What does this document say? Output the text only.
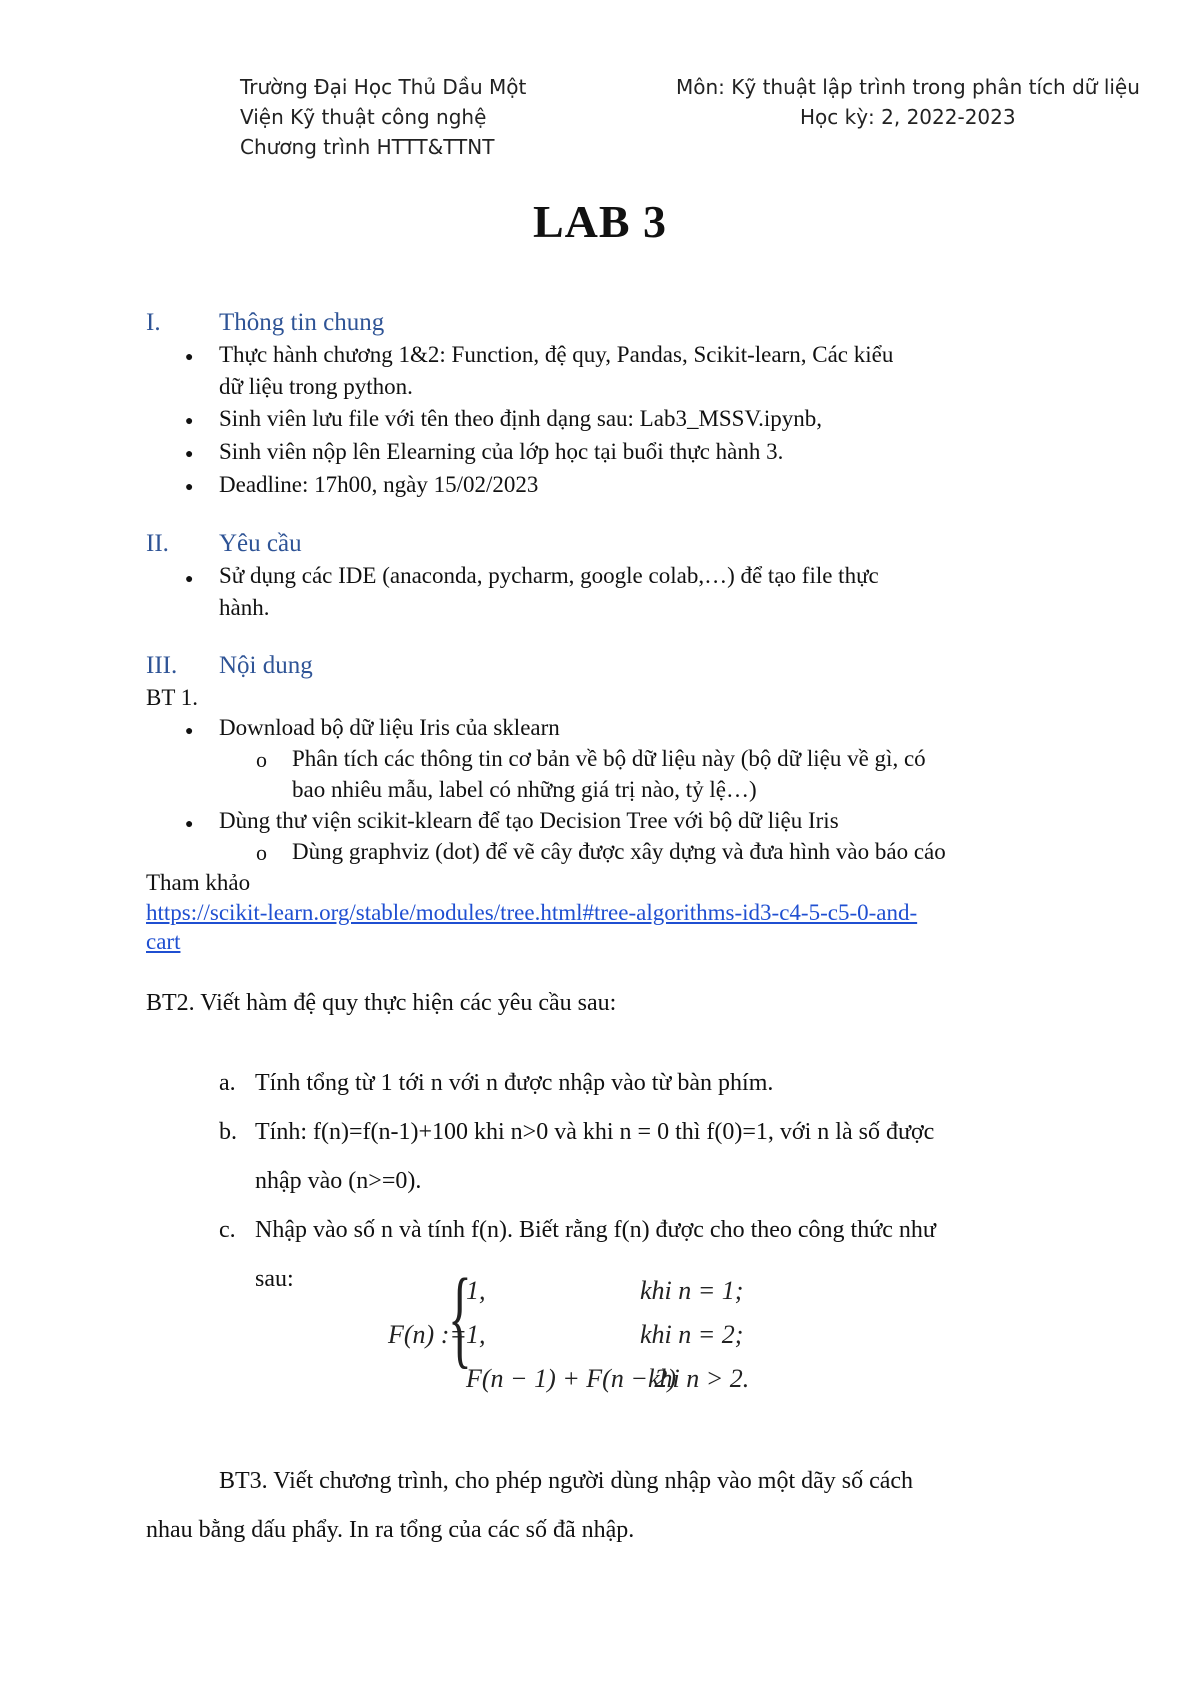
Trường Đại Học Thủ Dầu Một
Viện Kỹ thuật công nghệ
Chương trình HTTT&TTNT
Môn: Kỹ thuật lập trình trong phân tích dữ liệu
Học kỳ: 2, 2022-2023
LAB 3
I. Thông tin chung
● Thực hành chương 1&2: Function, đệ quy, Pandas, Scikit-learn, Các kiểu
dữ liệu trong python.
● Sinh viên lưu file với tên theo định dạng sau: Lab3_MSSV.ipynb,
● Sinh viên nộp lên Elearning của lớp học tại buổi thực hành 3.
● Deadline: 17h00, ngày 15/02/2023
II. Yêu cầu
● Sử dụng các IDE (anaconda, pycharm, google colab,…) để tạo file thực
hành.
III. Nội dung
BT 1.
● Download bộ dữ liệu Iris của sklearn
o Phân tích các thông tin cơ bản về bộ dữ liệu này (bộ dữ liệu về gì, có
bao nhiêu mẫu, label có những giá trị nào, tỷ lệ…)
● Dùng thư viện scikit-klearn để tạo Decision Tree với bộ dữ liệu Iris
o Dùng graphviz (dot) để vẽ cây được xây dựng và đưa hình vào báo cáo
Tham khảo
https://scikit-learn.org/stable/modules/tree.html#tree-algorithms-id3-c4-5-c5-0-and-
cart
BT2. Viết hàm đệ quy thực hiện các yêu cầu sau:
a. Tính tổng từ 1 tới n với n được nhập vào từ bàn phím.
b. Tính: f(n)=f(n-1)+100 khi n>0 và khi n = 0 thì f(0)=1, với n là số được
nhập vào (n>=0).
c. Nhập vào số n và tính f(n). Biết rằng f(n) được cho theo công thức như
sau:
F(n) :=
{
1,	khi n = 1;
1,	khi n = 2;
F(n − 1) + F(n − 2)
khi n > 2.
BT3. Viết chương trình, cho phép người dùng nhập vào một dãy số cách
nhau bằng dấu phẩy. In ra tổng của các số đã nhập.
